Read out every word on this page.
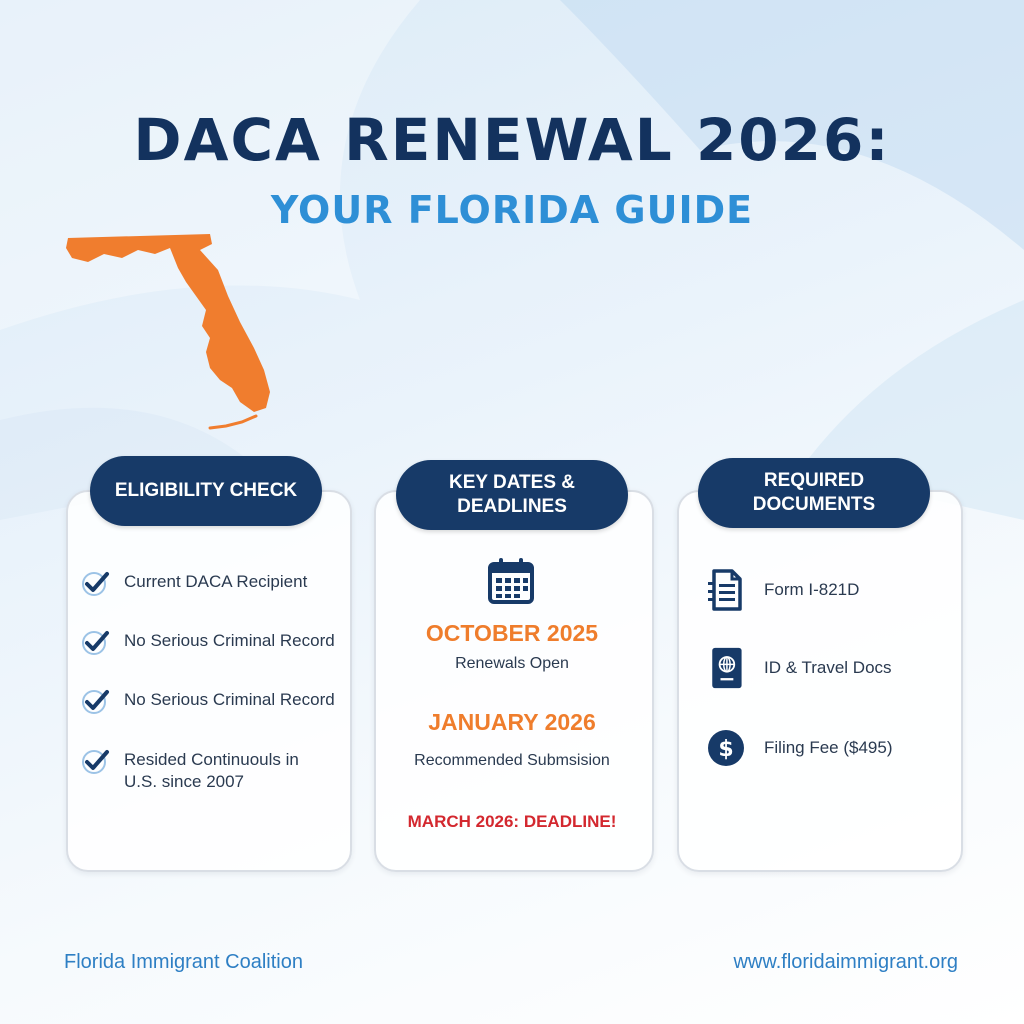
DACA RENEWAL 2026:
YOUR FLORIDA GUIDE
ELIGIBILITY CHECK
Current DACA Recipient
No Serious Criminal Record
No Serious Criminal Record
Resided Continuouls in
U.S. since 2007
KEY DATES &
DEADLINES
OCTOBER 2025
Renewals Open
JANUARY 2026
Recommended Submsision
MARCH 2026: DEADLINE!
REQUIRED
DOCUMENTS
Form I-821D
ID & Travel Docs
$ Filing Fee ($495)
Florida Immigrant Coalition	www.floridaimmigrant.org
